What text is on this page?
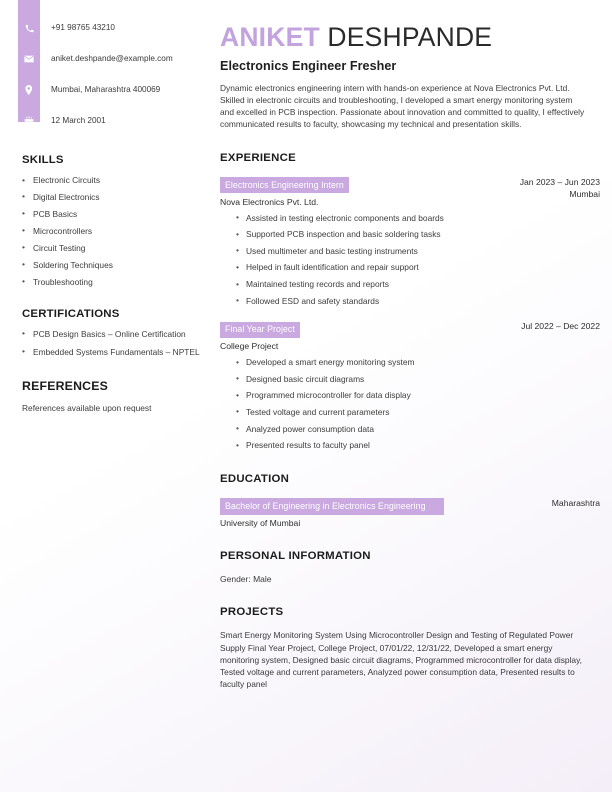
+91 98765 43210
aniket.deshpande@example.com
Mumbai, Maharashtra 400069
12 March 2001
SKILLS
• Electronic Circuits
• Digital Electronics
• PCB Basics
• Microcontrollers
• Circuit Testing
• Soldering Techniques
• Troubleshooting
CERTIFICATIONS
• PCB Design Basics – Online Certification
• Embedded Systems Fundamentals – NPTEL
REFERENCES
References available upon request
ANIKET DESHPANDE
Electronics Engineer Fresher

Dynamic electronics engineering intern with hands-on experience at Nova Electronics Pvt. Ltd. Skilled in electronic circuits and troubleshooting, I developed a smart energy monitoring system and excelled in PCB inspection. Passionate about innovation and committed to quality, I effectively communicated results to faculty, showcasing my technical and presentation skills.

EXPERIENCE
Electronics Engineering Intern
Nova Electronics Pvt. Ltd.
Jan 2023 – Jun 2023
Mumbai
• Assisted in testing electronic components and boards
• Supported PCB inspection and basic soldering tasks
• Used multimeter and basic testing instruments
• Helped in fault identification and repair support
• Maintained testing records and reports
• Followed ESD and safety standards
Final Year Project
College Project
Jul 2022 – Dec 2022
• Developed a smart energy monitoring system
• Designed basic circuit diagrams
• Programmed microcontroller for data display
• Tested voltage and current parameters
• Analyzed power consumption data
• Presented results to faculty panel
EDUCATION
Bachelor of Engineering in Electronics Engineering
University of Mumbai
Maharashtra
PERSONAL INFORMATION
Gender: Male
PROJECTS

Smart Energy Monitoring System Using Microcontroller Design and Testing of Regulated Power Supply Final Year Project, College Project, 07/01/22, 12/31/22, Developed a smart energy monitoring system, Designed basic circuit diagrams, Programmed microcontroller for data display, Tested voltage and current parameters, Analyzed power consumption data, Presented results to faculty panel
